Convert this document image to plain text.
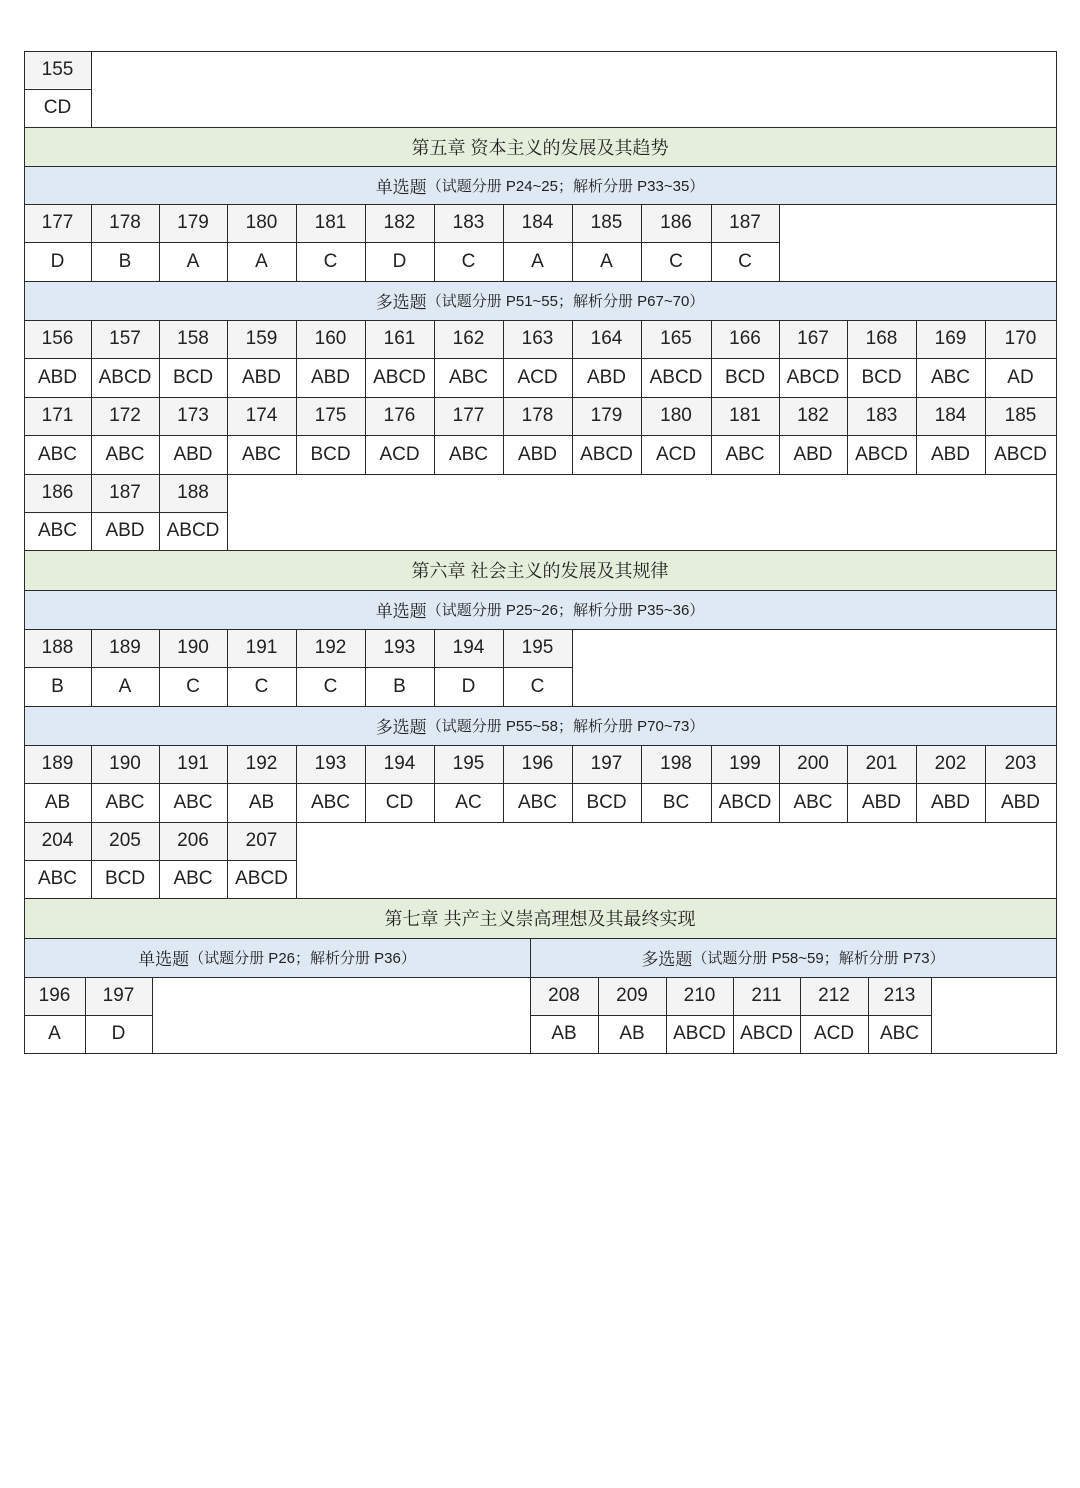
155
CD
第五章 资本主义的发展及其趋势
单选题 （试题分册 P24~25；解析分册 P33~35）
177
D
178
B
179
A
180
A
181
C
182
D
183
C
184
A
185
A
186
C
187
C
多选题 （试题分册 P51~55；解析分册 P67~70）
156
ABD
157
ABCD
158
BCD
159
ABD
160
ABD
161
ABCD
162
ABC
163
ACD
164
ABD
165
ABCD
166
BCD
167
ABCD
168
BCD
169
ABC
170
AD
171
ABC
172
ABC
173
ABD
174
ABC
175
BCD
176
ACD
177
ABC
178
ABD
179
ABCD
180
ACD
181
ABC
182
ABD
183
ABCD
184
ABD
185
ABCD
186
ABC
187
ABD
188
ABCD
第六章 社会主义的发展及其规律
单选题 （试题分册 P25~26；解析分册 P35~36）
188
B
189
A
190
C
191
C
192
C
193
B
194
D
195
C
多选题 （试题分册 P55~58；解析分册 P70~73）
189
AB
190
ABC
191
ABC
192
AB
193
ABC
194
CD
195
AC
196
ABC
197
BCD
198
BC
199
ABCD
200
ABC
201
ABD
202
ABD
203
ABD
204
ABC
205
BCD
206
ABC
207
ABCD
第七章 共产主义崇高理想及其最终实现
单选题 （试题分册 P26；解析分册 P36）	多选题 （试题分册 P58~59；解析分册 P73）
196
A
197
D
208
AB
209
AB
210
ABCD
211
ABCD
212
ACD
213
ABC
